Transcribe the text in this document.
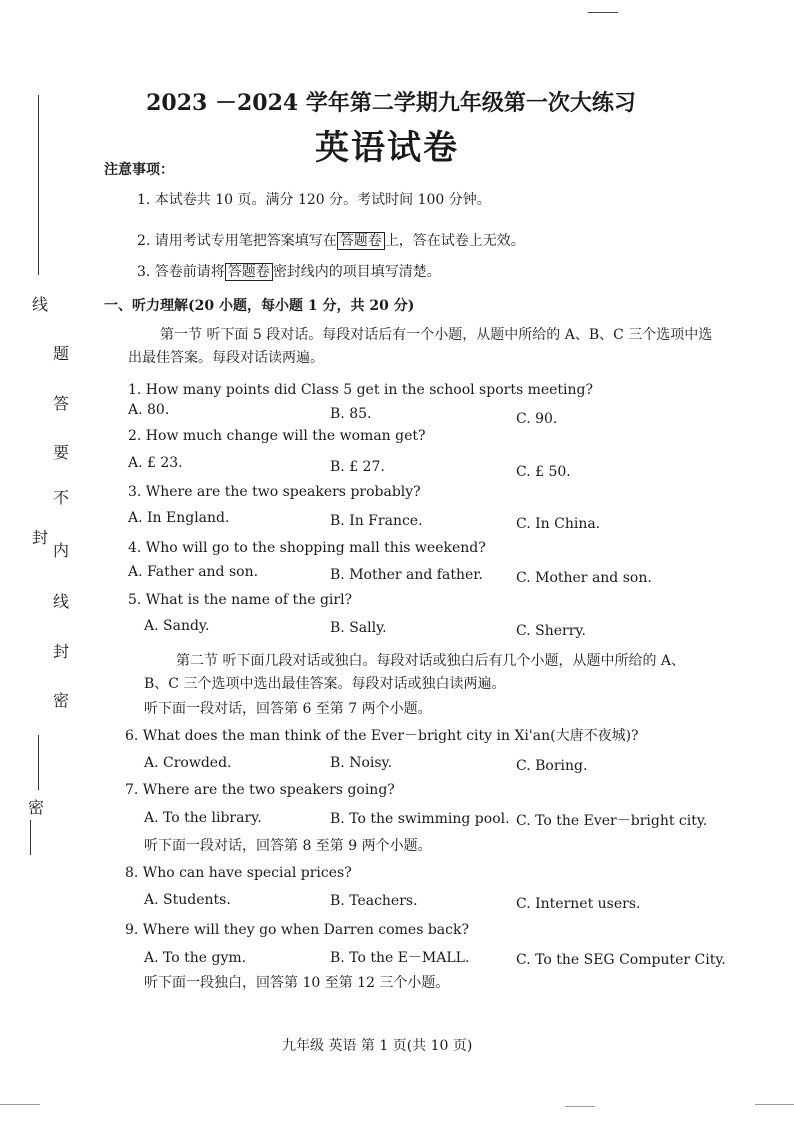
线
题
答
要
不
内
封
线
封
密
密
2023 －2024 学年第二学期九年级第一次大练习
英语试卷
注意事项：
1. 本试卷共 10 页。满分 120 分。考试时间 100 分钟。
2. 请用考试专用笔把答案填写在 答题卷 上，答在试卷上无效。
3. 答卷前请将 答题卷 密封线内的项目填写清楚。
一、听力理解(20 小题，每小题 1 分，共 20 分)
第一节 听下面 5 段对话。每段对话后有一个小题，从题中所给的 A、B、C 三个选项中选
出最佳答案。每段对话读两遍。
1. How many points did Class 5 get in the school sports meeting?
A. 80.	B. 85.	C. 90.
2. How much change will the woman get?
A. £ 23.	B. £ 27.	C. £ 50.
3. Where are the two speakers probably?
A. In England.	B. In France.	C. In China.
4. Who will go to the shopping mall this weekend?
A. Father and son.	B. Mother and father. C. Mother and son.
5. What is the name of the girl?
A. Sandy.	B. Sally.	C. Sherry.
第二节 听下面几段对话或独白。每段对话或独白后有几个小题，从题中所给的 A、
B、C 三个选项中选出最佳答案。每段对话或独白读两遍。
听下面一段对话，回答第 6 至第 7 两个小题。
6. What does the man think of the Ever－bright city in Xi'an(大唐不夜城)?
A. Crowded.	B. Noisy.	C. Boring.
7. Where are the two speakers going?
A. To the library.	B. To the swimming pool. C. To the Ever－bright city.
听下面一段对话，回答第 8 至第 9 两个小题。
8. Who can have special prices?
A. Students.	B. Teachers.	C. Internet users.
9. Where will they go when Darren comes back?
A. To the gym.	B. To the E－MALL.	C. To the SEG Computer City.
听下面一段独白，回答第 10 至第 12 三个小题。
九年级 英语 第 1 页(共 10 页)
